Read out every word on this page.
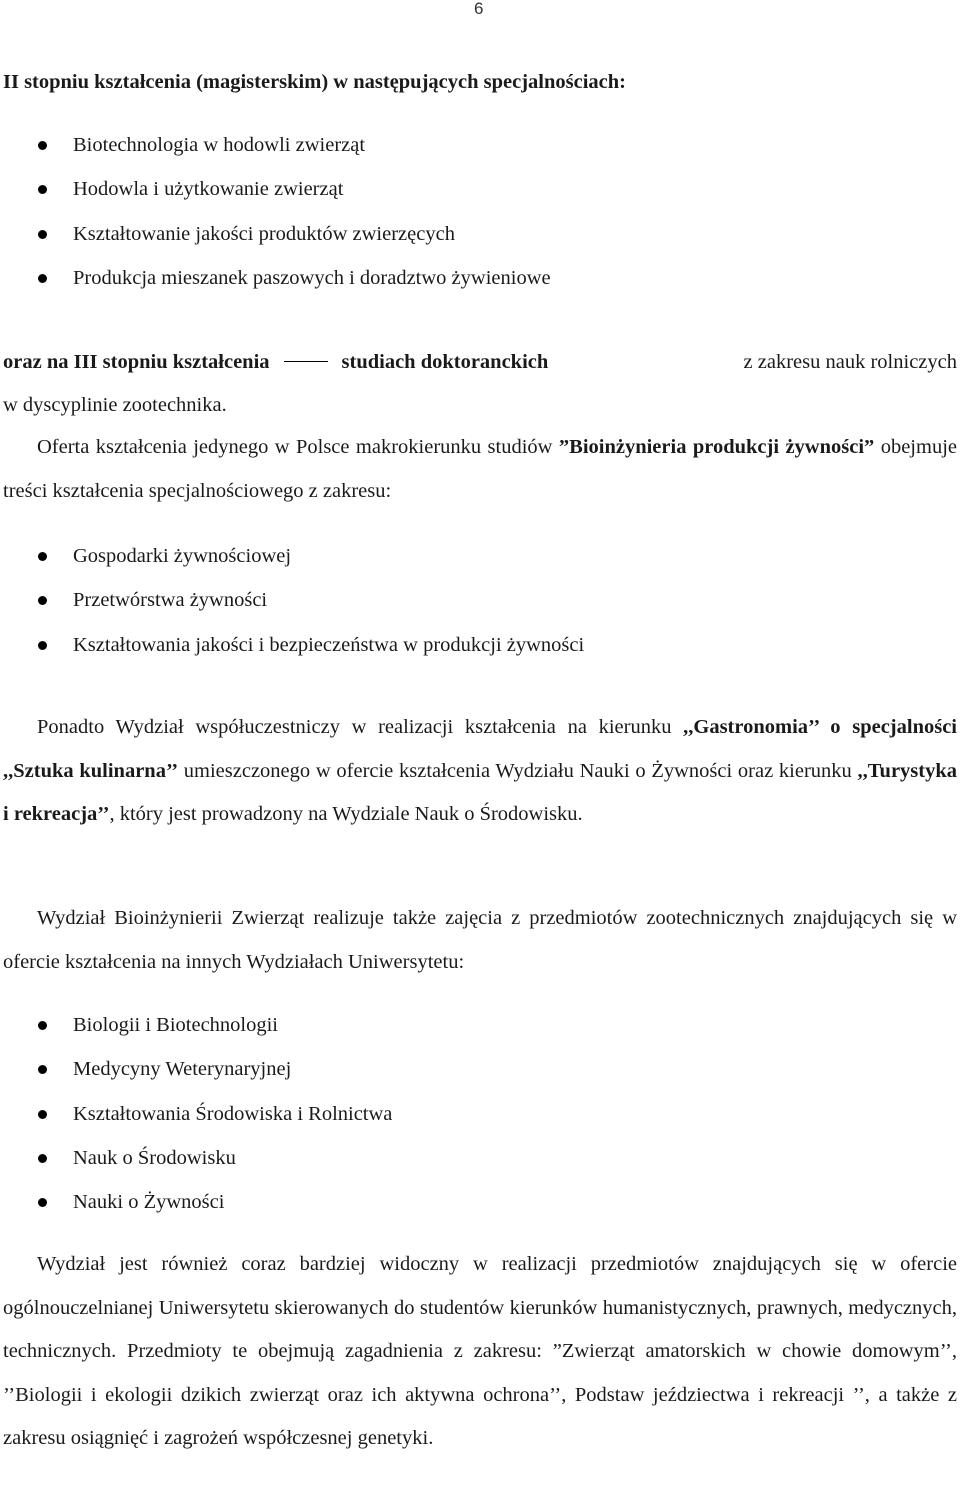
6
II stopniu kształcenia (magisterskim) w następujących specjalnościach:
Biotechnologia w hodowli zwierząt
Hodowla i użytkowanie zwierząt
Kształtowanie jakości produktów zwierzęcych
Produkcja mieszanek paszowych i doradztwo żywieniowe
oraz na III stopniu kształcenia	studiach doktoranckich	z zakresu nauk rolniczych
w dyscyplinie zootechnika.
Oferta kształcenia jedynego w Polsce makrokierunku studiów ”Bioinżynieria produkcji żywności” obejmuje treści kształcenia specjalnościowego z zakresu:
Gospodarki żywnościowej
Przetwórstwa żywności
Kształtowania jakości i bezpieczeństwa w produkcji żywności
Ponadto Wydział współuczestniczy w realizacji kształcenia na kierunku ,,Gastronomia’’ o specjalności ,,Sztuka kulinarna’’ umieszczonego w ofercie kształcenia Wydziału Nauki o Żywności oraz kierunku ,,Turystyka i rekreacja’’, który jest prowadzony na Wydziale Nauk o Środowisku.
Wydział Bioinżynierii Zwierząt realizuje także zajęcia z przedmiotów zootechnicznych znajdujących się w ofercie kształcenia na innych Wydziałach Uniwersytetu:
Biologii i Biotechnologii
Medycyny Weterynaryjnej
Kształtowania Środowiska i Rolnictwa
Nauk o Środowisku
Nauki o Żywności
Wydział jest również coraz bardziej widoczny w realizacji przedmiotów znajdujących się w ofercie ogólnouczelnianej Uniwersytetu skierowanych do studentów kierunków humanistycznych, prawnych, medycznych, technicznych. Przedmioty te obejmują zagadnienia z zakresu: ”Zwierząt amatorskich w chowie domowym’’, ’’Biologii i ekologii dzikich zwierząt oraz ich aktywna ochrona’’, Podstaw jeździectwa i rekreacji ’’, a także z zakresu osiągnięć i zagrożeń współczesnej genetyki.
